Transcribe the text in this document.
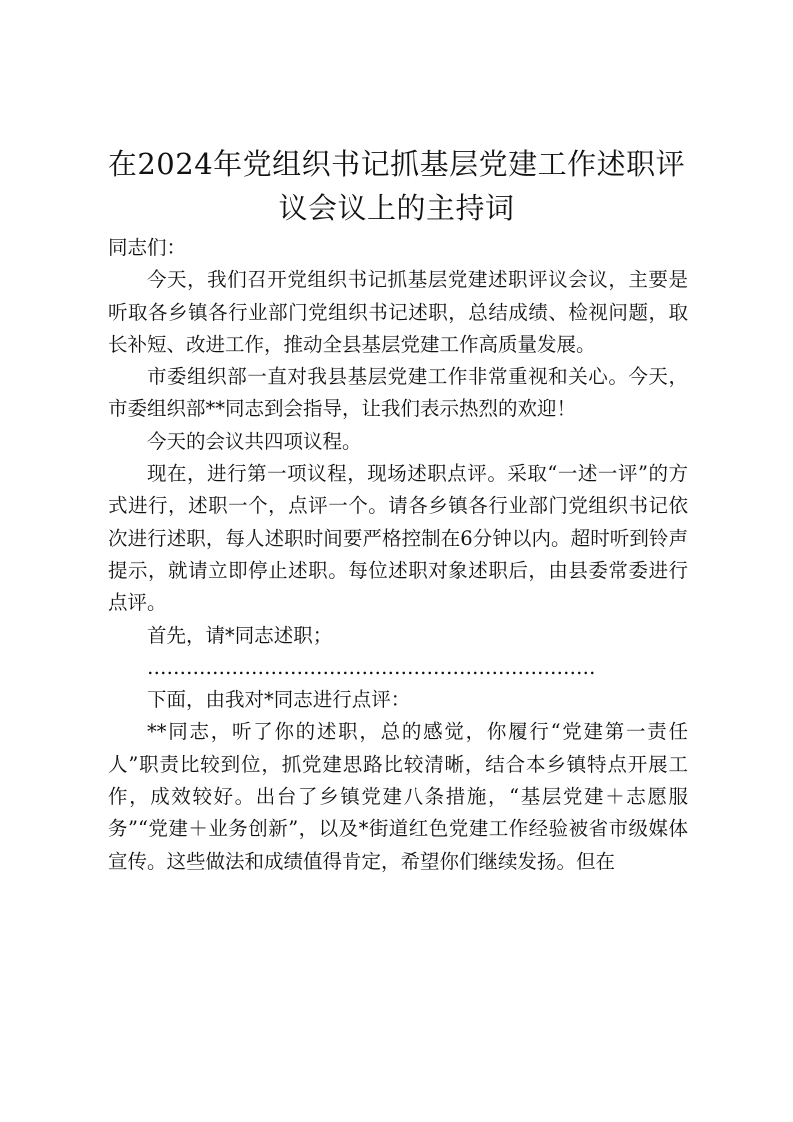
在2024年党组织书记抓基层党建工作述职评
议会议上的主持词

同志们：

今天，我们召开党组织书记抓基层党建述职评议会议，主要是听取各乡镇各行业部门党组织书记述职，总结成绩、检视问题，取长补短、改进工作，推动全县基层党建工作高质量发展。

市委组织部一直对我县基层党建工作非常重视和关心。今天，市委组织部**同志到会指导，让我们表示热烈的欢迎！

今天的会议共四项议程。

现在，进行第一项议程，现场述职点评。采取“一述一评”的方式进行，述职一个，点评一个。请各乡镇各行业部门党组织书记依次进行述职，每人述职时间要严格控制在6分钟以内。超时听到铃声提示，就请立即停止述职。每位述职对象述职后，由县委常委进行点评。

首先，请*同志述职；

……………………………………………………………

下面，由我对*同志进行点评：

**同志，听了你的述职，总的感觉，你履行“党建第一责任人”职责比较到位，抓党建思路比较清晰，结合本乡镇特点开展工作，成效较好。出台了乡镇党建八条措施，“基层党建＋志愿服务”“党建＋业务创新”，以及*街道红色党建工作经验被省市级媒体宣传。这些做法和成绩值得肯定，希望你们继续发扬。但在
